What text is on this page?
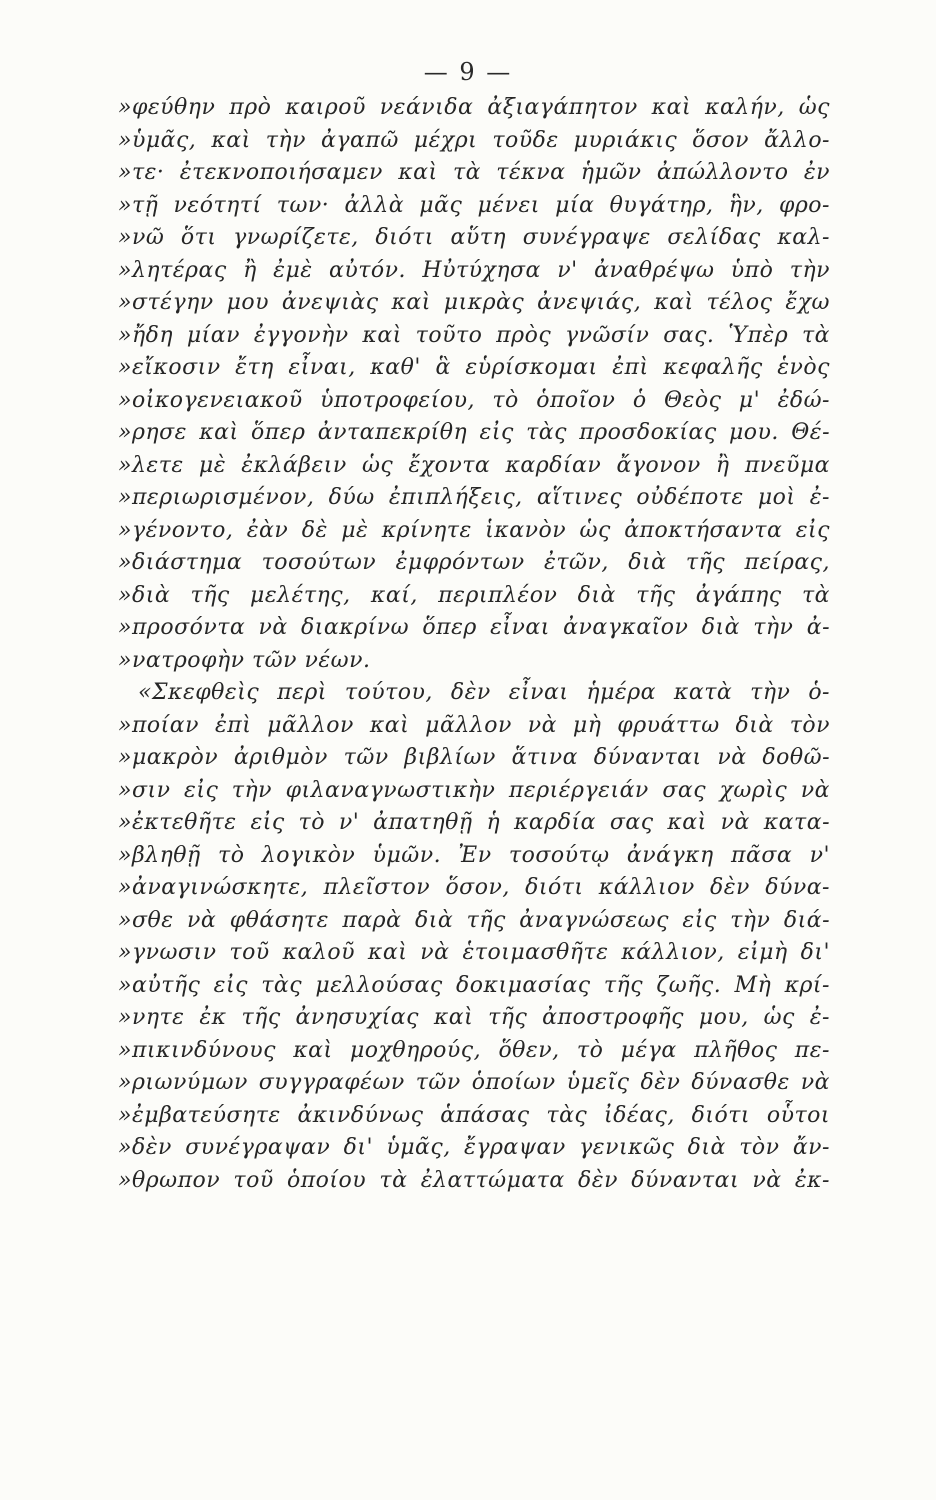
— 9 —
»φεύθην πρὸ καιροῦ νεάνιδα ἀξιαγάπητον καὶ καλήν, ὡς
»ὑμᾶς, καὶ τὴν ἀγαπῶ μέχρι τοῦδε μυριάκις ὅσον ἄλλο-
»τε· ἐτεκνοποιήσαμεν καὶ τὰ τέκνα ἡμῶν ἀπώλλοντο ἐν
»τῇ νεότητί των· ἀλλὰ μᾶς μένει μία θυγάτηρ, ἣν, φρο-
»νῶ ὅτι γνωρίζετε, διότι αὕτη συνέγραψε σελίδας καλ-
»λητέρας ἢ ἐμὲ αὐτόν. Ηὐτύχησα ν' ἀναθρέψω ὑπὸ τὴν
»στέγην μου ἀνεψιὰς καὶ μικρὰς ἀνεψιάς, καὶ τέλος ἔχω
»ἤδη μίαν ἐγγονὴν καὶ τοῦτο πρὸς γνῶσίν σας. Ὑπὲρ τὰ
»εἴκοσιν ἔτη εἶναι, καθ' ἃ εὑρίσκομαι ἐπὶ κεφαλῆς ἑνὸς
»οἰκογενειακοῦ ὑποτροφείου, τὸ ὁποῖον ὁ Θεὸς μ' ἐδώ-
»ρησε καὶ ὅπερ ἀνταπεκρίθη εἰς τὰς προσδοκίας μου. Θέ-
»λετε μὲ ἐκλάβειν ὡς ἔχοντα καρδίαν ἄγονον ἢ πνεῦμα
»περιωρισμένον, δύω ἐπιπλήξεις, αἵτινες οὐδέποτε μοὶ ἐ-
»γένοντο, ἐὰν δὲ μὲ κρίνητε ἱκανὸν ὡς ἀποκτήσαντα εἰς
»διάστημα τοσούτων ἐμφρόντων ἐτῶν, διὰ τῆς πείρας,
»διὰ τῆς μελέτης, καί, περιπλέον διὰ τῆς ἀγάπης τὰ
»προσόντα νὰ διακρίνω ὅπερ εἶναι ἀναγκαῖον διὰ τὴν ἀ-
»νατροφὴν τῶν νέων.
«Σκεφθεὶς περὶ τούτου, δὲν εἶναι ἡμέρα κατὰ τὴν ὁ-
»ποίαν ἐπὶ μᾶλλον καὶ μᾶλλον νὰ μὴ φρυάττω διὰ τὸν
»μακρὸν ἀριθμὸν τῶν βιβλίων ἅτινα δύνανται νὰ δοθῶ-
»σιν εἰς τὴν φιλαναγνωστικὴν περιέργειάν σας χωρὶς νὰ
»ἐκτεθῆτε εἰς τὸ ν' ἀπατηθῇ ἡ καρδία σας καὶ νὰ κατα-
»βληθῇ τὸ λογικὸν ὑμῶν. Ἐν τοσούτῳ ἀνάγκη πᾶσα ν'
»ἀναγινώσκητε, πλεῖστον ὅσον, διότι κάλλιον δὲν δύνα-
»σθε νὰ φθάσητε παρὰ διὰ τῆς ἀναγνώσεως εἰς τὴν διά-
»γνωσιν τοῦ καλοῦ καὶ νὰ ἑτοιμασθῆτε κάλλιον, εἰμὴ δι'
»αὐτῆς εἰς τὰς μελλούσας δοκιμασίας τῆς ζωῆς. Μὴ κρί-
»νητε ἐκ τῆς ἀνησυχίας καὶ τῆς ἀποστροφῆς μου, ὡς ἐ-
»πικινδύνους καὶ μοχθηρούς, ὅθεν, τὸ μέγα πλῆθος πε-
»ριωνύμων συγγραφέων τῶν ὁποίων ὑμεῖς δὲν δύνασθε νὰ
»ἐμβατεύσητε ἀκινδύνως ἁπάσας τὰς ἰδέας, διότι οὗτοι
»δὲν συνέγραψαν δι' ὑμᾶς, ἔγραψαν γενικῶς διὰ τὸν ἄν-
»θρωπον τοῦ ὁποίου τὰ ἐλαττώματα δὲν δύνανται νὰ ἐκ-
